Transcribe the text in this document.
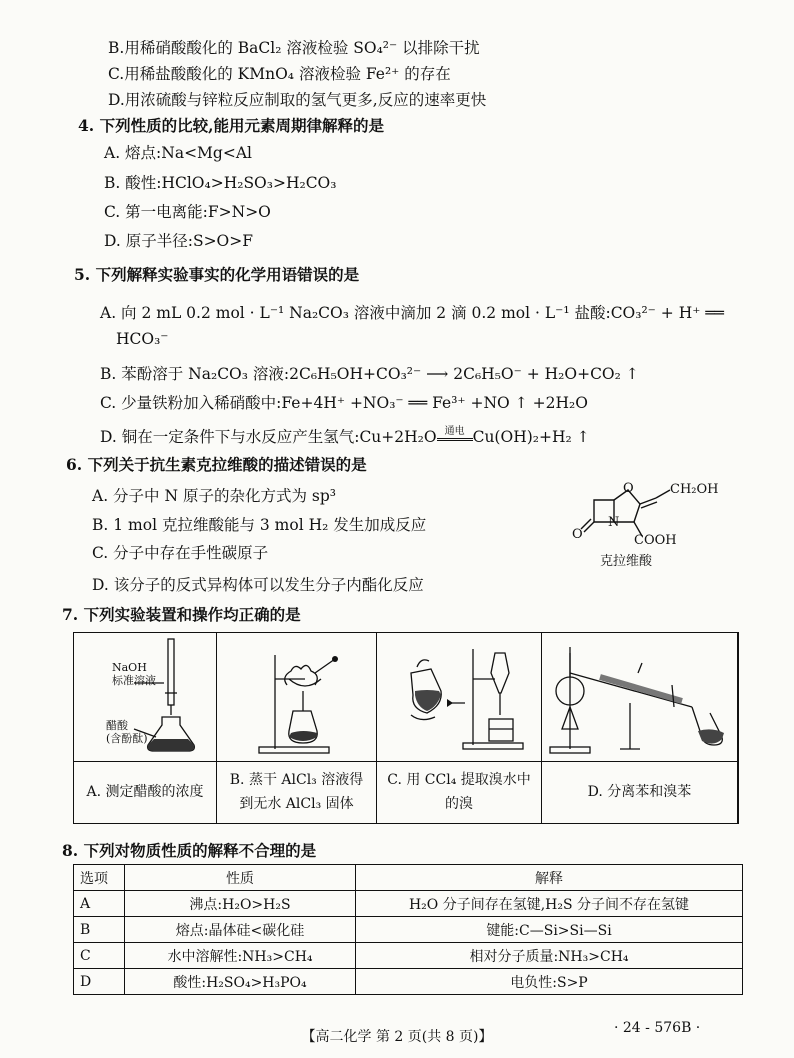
B.用稀硝酸酸化的 BaCl₂ 溶液检验 SO₄²⁻ 以排除干扰
C.用稀盐酸酸化的 KMnO₄ 溶液检验 Fe²⁺ 的存在
D.用浓硫酸与锌粒反应制取的氢气更多,反应的速率更快
4. 下列性质的比较,能用元素周期律解释的是
A. 熔点:Na<Mg<Al
B. 酸性:HClO₄>H₂SO₃>H₂CO₃
C. 第一电离能:F>N>O
D. 原子半径:S>O>F
5. 下列解释实验事实的化学用语错误的是
A. 向 2 mL 0.2 mol · L⁻¹ Na₂CO₃ 溶液中滴加 2 滴 0.2 mol · L⁻¹ 盐酸:CO₃²⁻ + H⁺ ══
HCO₃⁻
B. 苯酚溶于 Na₂CO₃ 溶液:2C₆H₅OH+CO₃²⁻ ⟶ 2C₆H₅O⁻ + H₂O+CO₂ ↑
C. 少量铁粉加入稀硝酸中:Fe+4H⁺ +NO₃⁻ ══ Fe³⁺ +NO ↑ +2H₂O
D. 铜在一定条件下与水反应产生氢气:Cu+2H₂O 通电 Cu(OH)₂+H₂ ↑
6. 下列关于抗生素克拉维酸的描述错误的是
A. 分子中 N 原子的杂化方式为 sp³
B. 1 mol 克拉维酸能与 3 mol H₂ 发生加成反应
C. 分子中存在手性碳原子
D. 该分子的反式异构体可以发生分子内酯化反应
CH₂OH
O
O
N
COOH
克拉维酸
7. 下列实验装置和操作均正确的是
NaOH
标准溶液
醋酸
(含酚酞)
A. 测定醋酸的浓度
B. 蒸干 AlCl₃ 溶液得
到无水 AlCl₃ 固体
C. 用 CCl₄ 提取溴水中的溴
D. 分离苯和溴苯
8. 下列对物质性质的解释不合理的是
选项	性质	解释
A	沸点:H₂O>H₂S	H₂O 分子间存在氢键,H₂S 分子间不存在氢键
B	熔点:晶体硅<碳化硅	键能:C—Si>Si—Si
C	水中溶解性:NH₃>CH₄	相对分子质量:NH₃>CH₄
D	酸性:H₂SO₄>H₃PO₄	电负性:S>P
【高二化学 第 2 页(共 8 页)】
· 24 - 576B ·
